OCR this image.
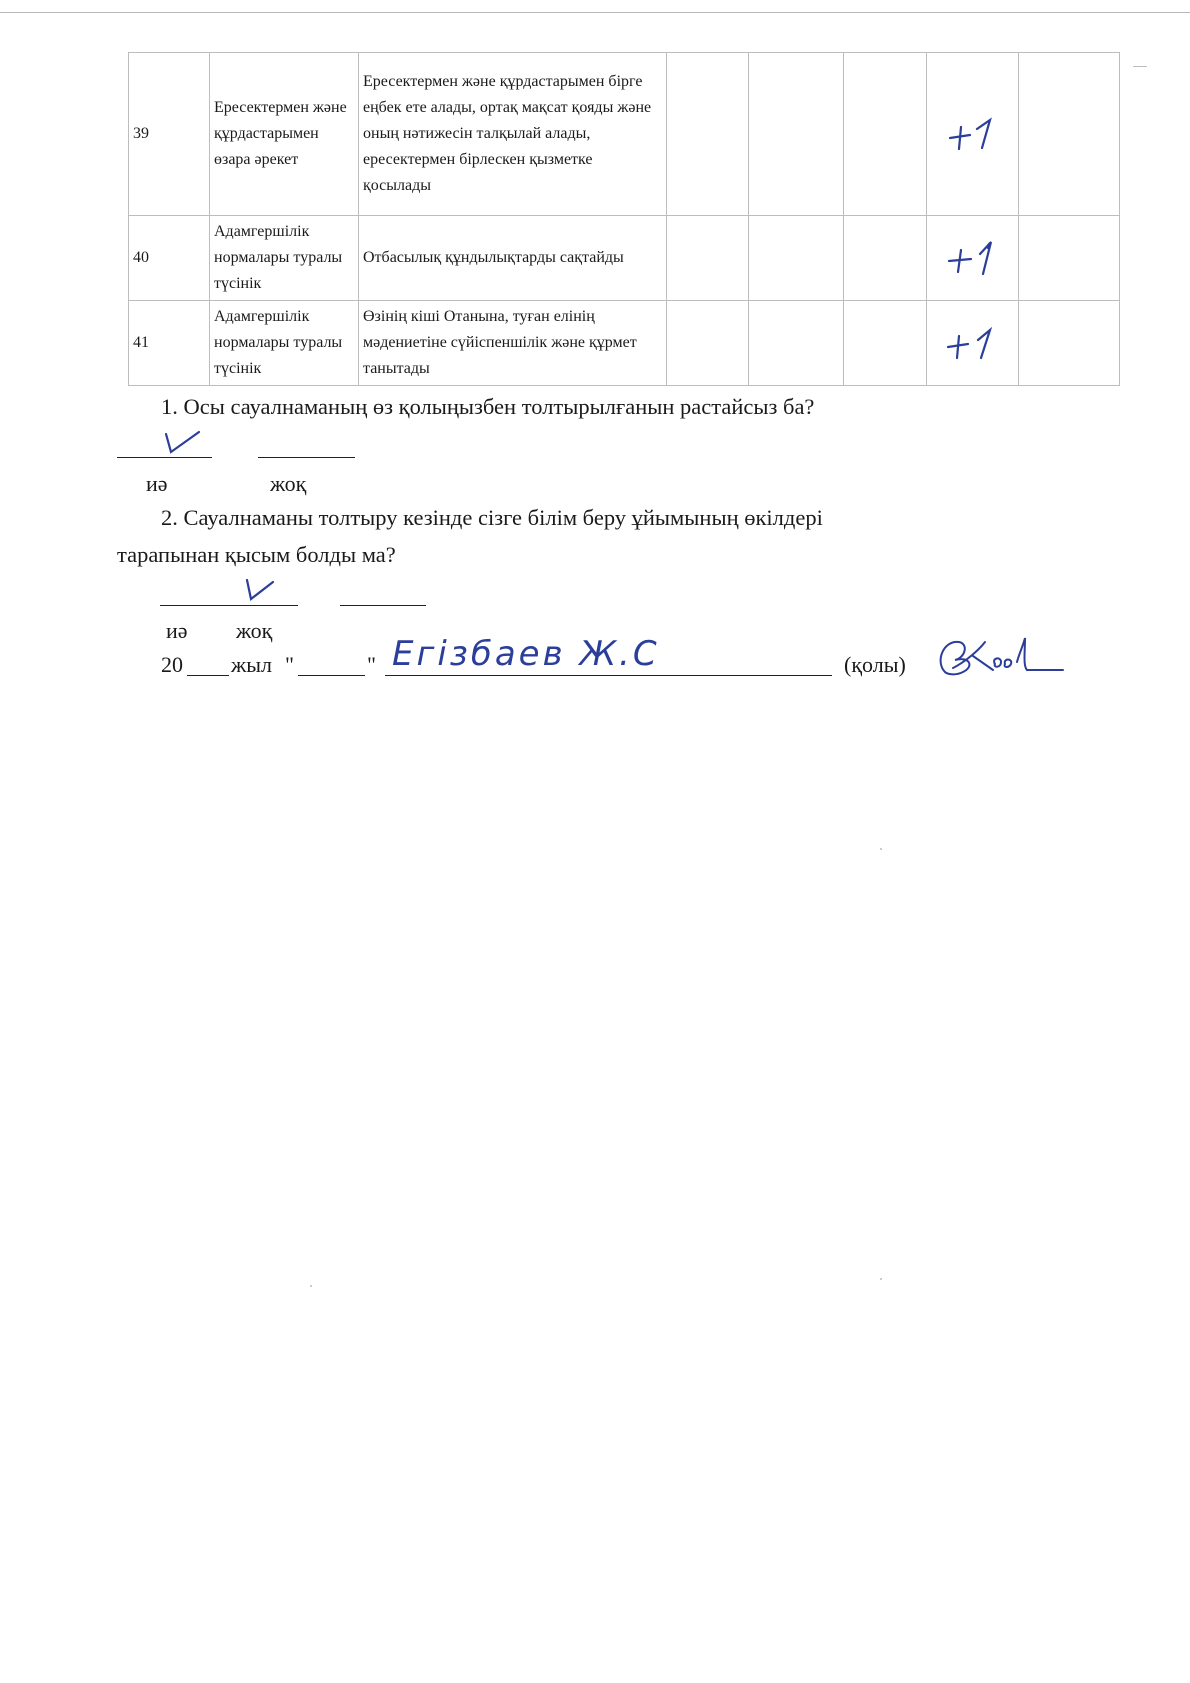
39	Ересектермен және құрдастарымен өзара әрекет	Ересектермен және құрдастарымен бірге еңбек ете алады, ортақ мақсат қояды және оның нәтижесін талқылай алады, ересектермен бірлескен қызметке қосылады				

40	Адамгершілік нормалары туралы түсінік	Отбасылық құндылықтарды сақтайды				

41	Адамгершілік нормалары туралы түсінік	Өзінің кіші Отанына, туған елінің мәдениетіне сүйіспеншілік және құрмет танытады				

1. Осы сауалнаманың өз қолыңызбен толтырылғанын растайсыз ба?
иә	жоқ
2. Сауалнаманы толтыру кезінде сізге білім беру ұйымының өкілдері
тарапынан қысым болды ма?
иә жоқ
20 жыл "	" Егізбаев Ж.С	(қолы)
